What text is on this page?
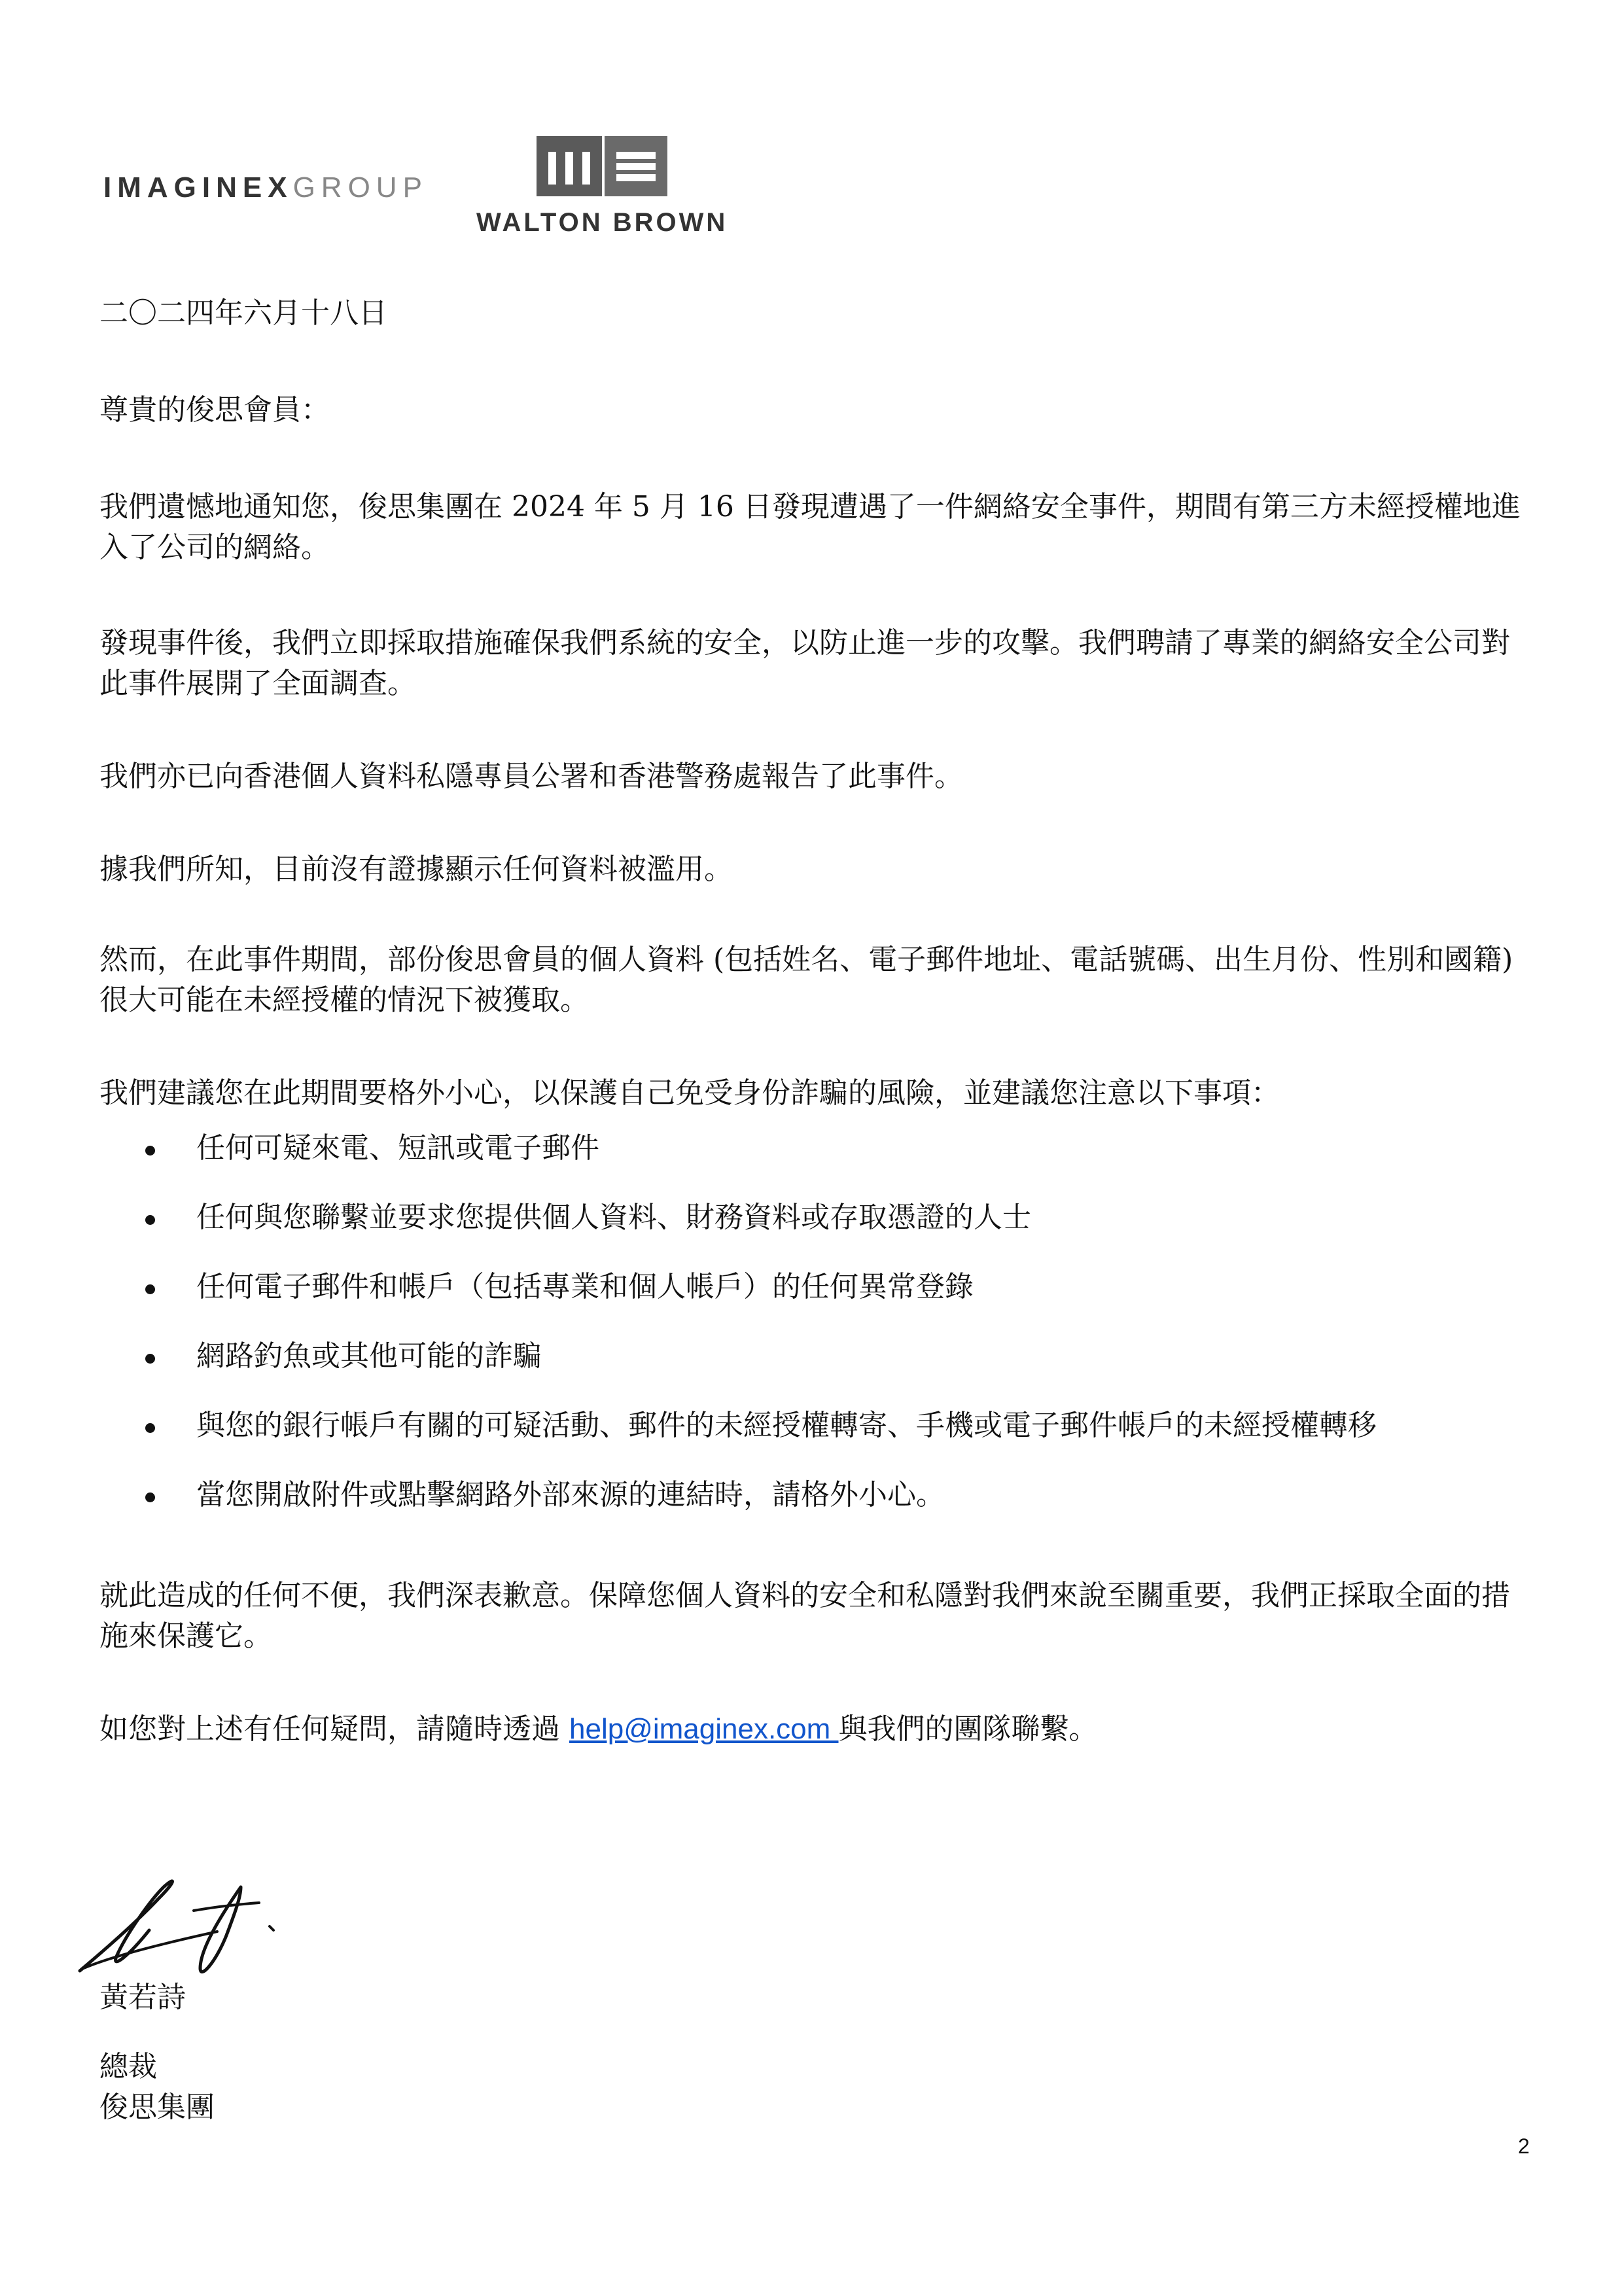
IMAGINEXGROUP
WALTON BROWN
二〇二四年六月十八日
尊貴的俊思會員：

我們遺憾地通知您，俊思集團在 2024 年 5 月 16 日發現遭遇了一件網絡安全事件，期間有第三方未經授權地進入了公司的網絡。

發現事件後，我們立即採取措施確保我們系統的安全，以防止進一步的攻擊。我們聘請了專業的網絡安全公司對此事件展開了全面調查。

我們亦已向香港個人資料私隱專員公署和香港警務處報告了此事件。

據我們所知，目前沒有證據顯示任何資料被濫用。

然而，在此事件期間，部份俊思會員的個人資料 (包括姓名、電子郵件地址、電話號碼、出生月份、性別和國籍) 很大可能在未經授權的情況下被獲取。

我們建議您在此期間要格外小心，以保護自己免受身份詐騙的風險，並建議您注意以下事項：

任何可疑來電、短訊或電子郵件
任何與您聯繫並要求您提供個人資料、財務資料或存取憑證的人士
任何電子郵件和帳戶（包括專業和個人帳戶）的任何異常登錄
網路釣魚或其他可能的詐騙
與您的銀行帳戶有關的可疑活動、郵件的未經授權轉寄、手機或電子郵件帳戶的未經授權轉移
當您開啟附件或點擊網路外部來源的連結時，請格外小心。

就此造成的任何不便，我們深表歉意。保障您個人資料的安全和私隱對我們來說至關重要，我們正採取全面的措施來保護它。

如您對上述有任何疑問，請隨時透過 help@imaginex.com 與我們的團隊聯繫。

黃若詩
總裁
俊思集團
2
